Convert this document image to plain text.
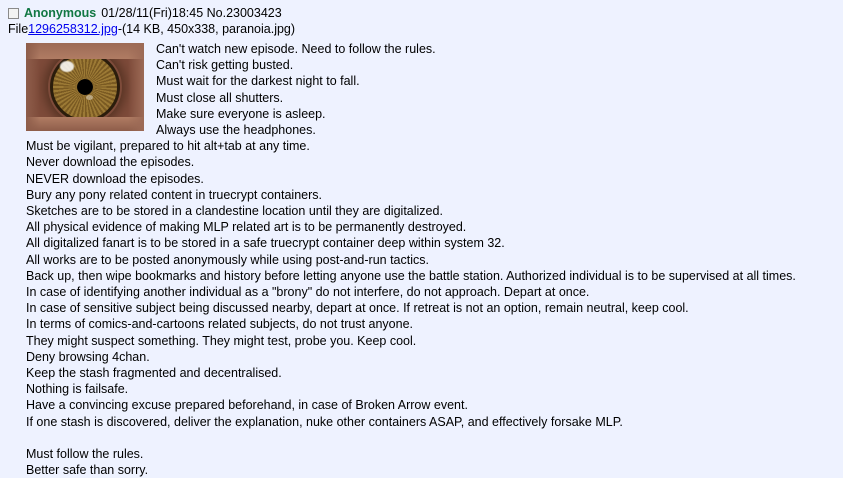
Anonymous 01/28/11(Fri)18:45 No.23003423
File1296258312.jpg-(14 KB, 450x338, paranoia.jpg)
Can't watch new episode. Need to follow the rules.
Can't risk getting busted.
Must wait for the darkest night to fall.
Must close all shutters.
Make sure everyone is asleep.
Always use the headphones.
Must be vigilant, prepared to hit alt+tab at any time.
Never download the episodes.
NEVER download the episodes.
Bury any pony related content in truecrypt containers.
Sketches are to be stored in a clandestine location until they are digitalized.
All physical evidence of making MLP related art is to be permanently destroyed.
All digitalized fanart is to be stored in a safe truecrypt container deep within system 32.
All works are to be posted anonymously while using post-and-run tactics.
Back up, then wipe bookmarks and history before letting anyone use the battle station. Authorized individual is to be supervised at all times.
In case of identifying another individual as a "brony" do not interfere, do not approach. Depart at once.
In case of sensitive subject being discussed nearby, depart at once. If retreat is not an option, remain neutral, keep cool.
In terms of comics-and-cartoons related subjects, do not trust anyone.
They might suspect something. They might test, probe you. Keep cool.
Deny browsing 4chan.
Keep the stash fragmented and decentralised.
Nothing is failsafe.
Have a convincing excuse prepared beforehand, in case of Broken Arrow event.
If one stash is discovered, deliver the explanation, nuke other containers ASAP, and effectively forsake MLP.
Must follow the rules.
Better safe than sorry.
